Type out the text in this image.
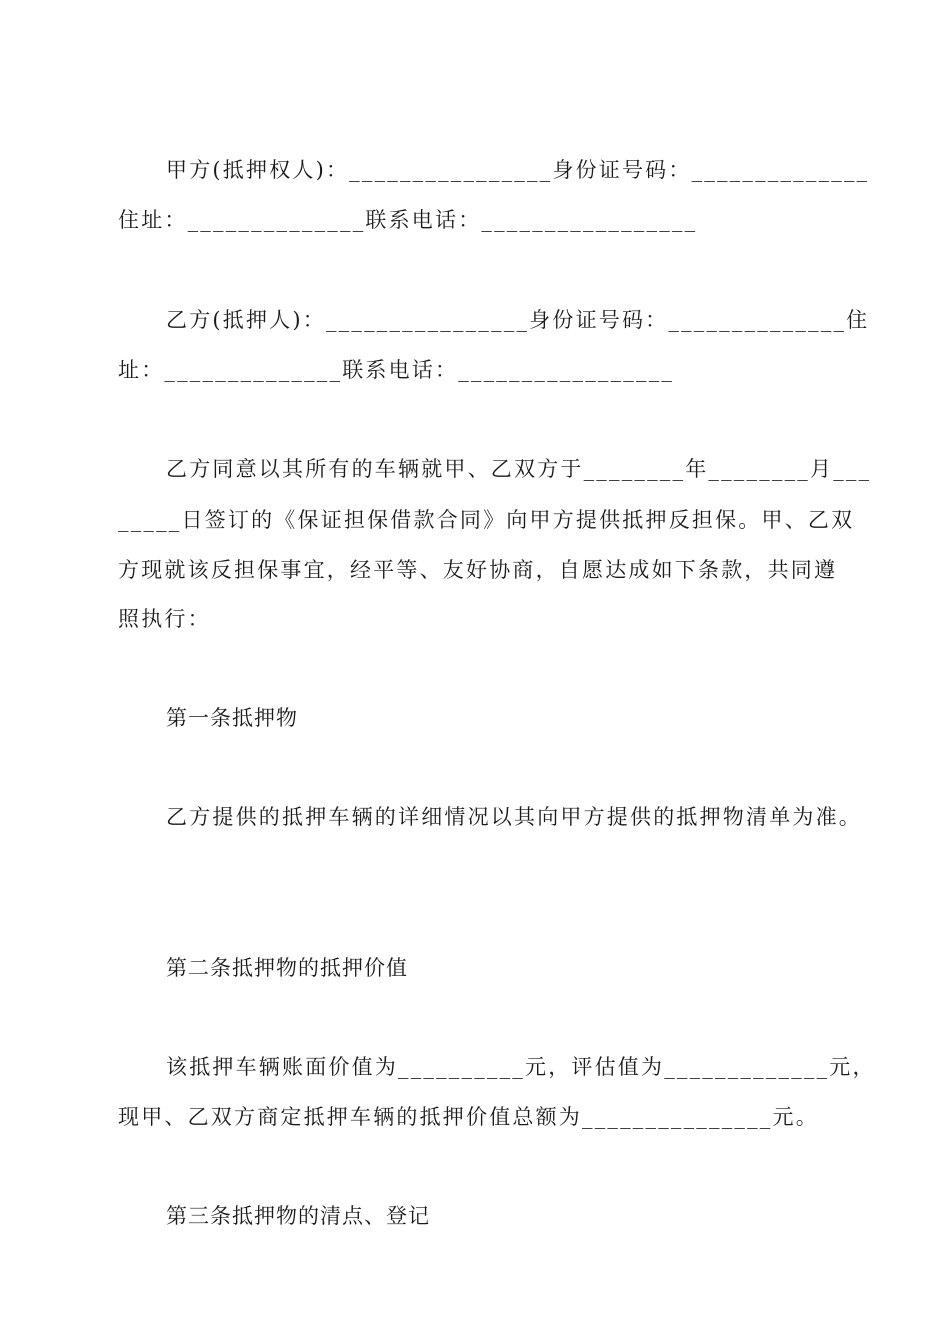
甲方(抵押权人)：________________身份证号码：______________
住址：______________联系电话：_________________
乙方(抵押人)：________________身份证号码：______________住
址：______________联系电话：_________________
乙方同意以其所有的车辆就甲、乙双方于________年________月___
_____日签订的《保证担保借款合同》向甲方提供抵押反担保。甲、乙双
方现就该反担保事宜，经平等、友好协商，自愿达成如下条款，共同遵
照执行：
第一条抵押物
乙方提供的抵押车辆的详细情况以其向甲方提供的抵押物清单为准。
第二条抵押物的抵押价值
该抵押车辆账面价值为__________元，评估值为_____________元，
现甲、乙双方商定抵押车辆的抵押价值总额为_______________元。
第三条抵押物的清点、登记
